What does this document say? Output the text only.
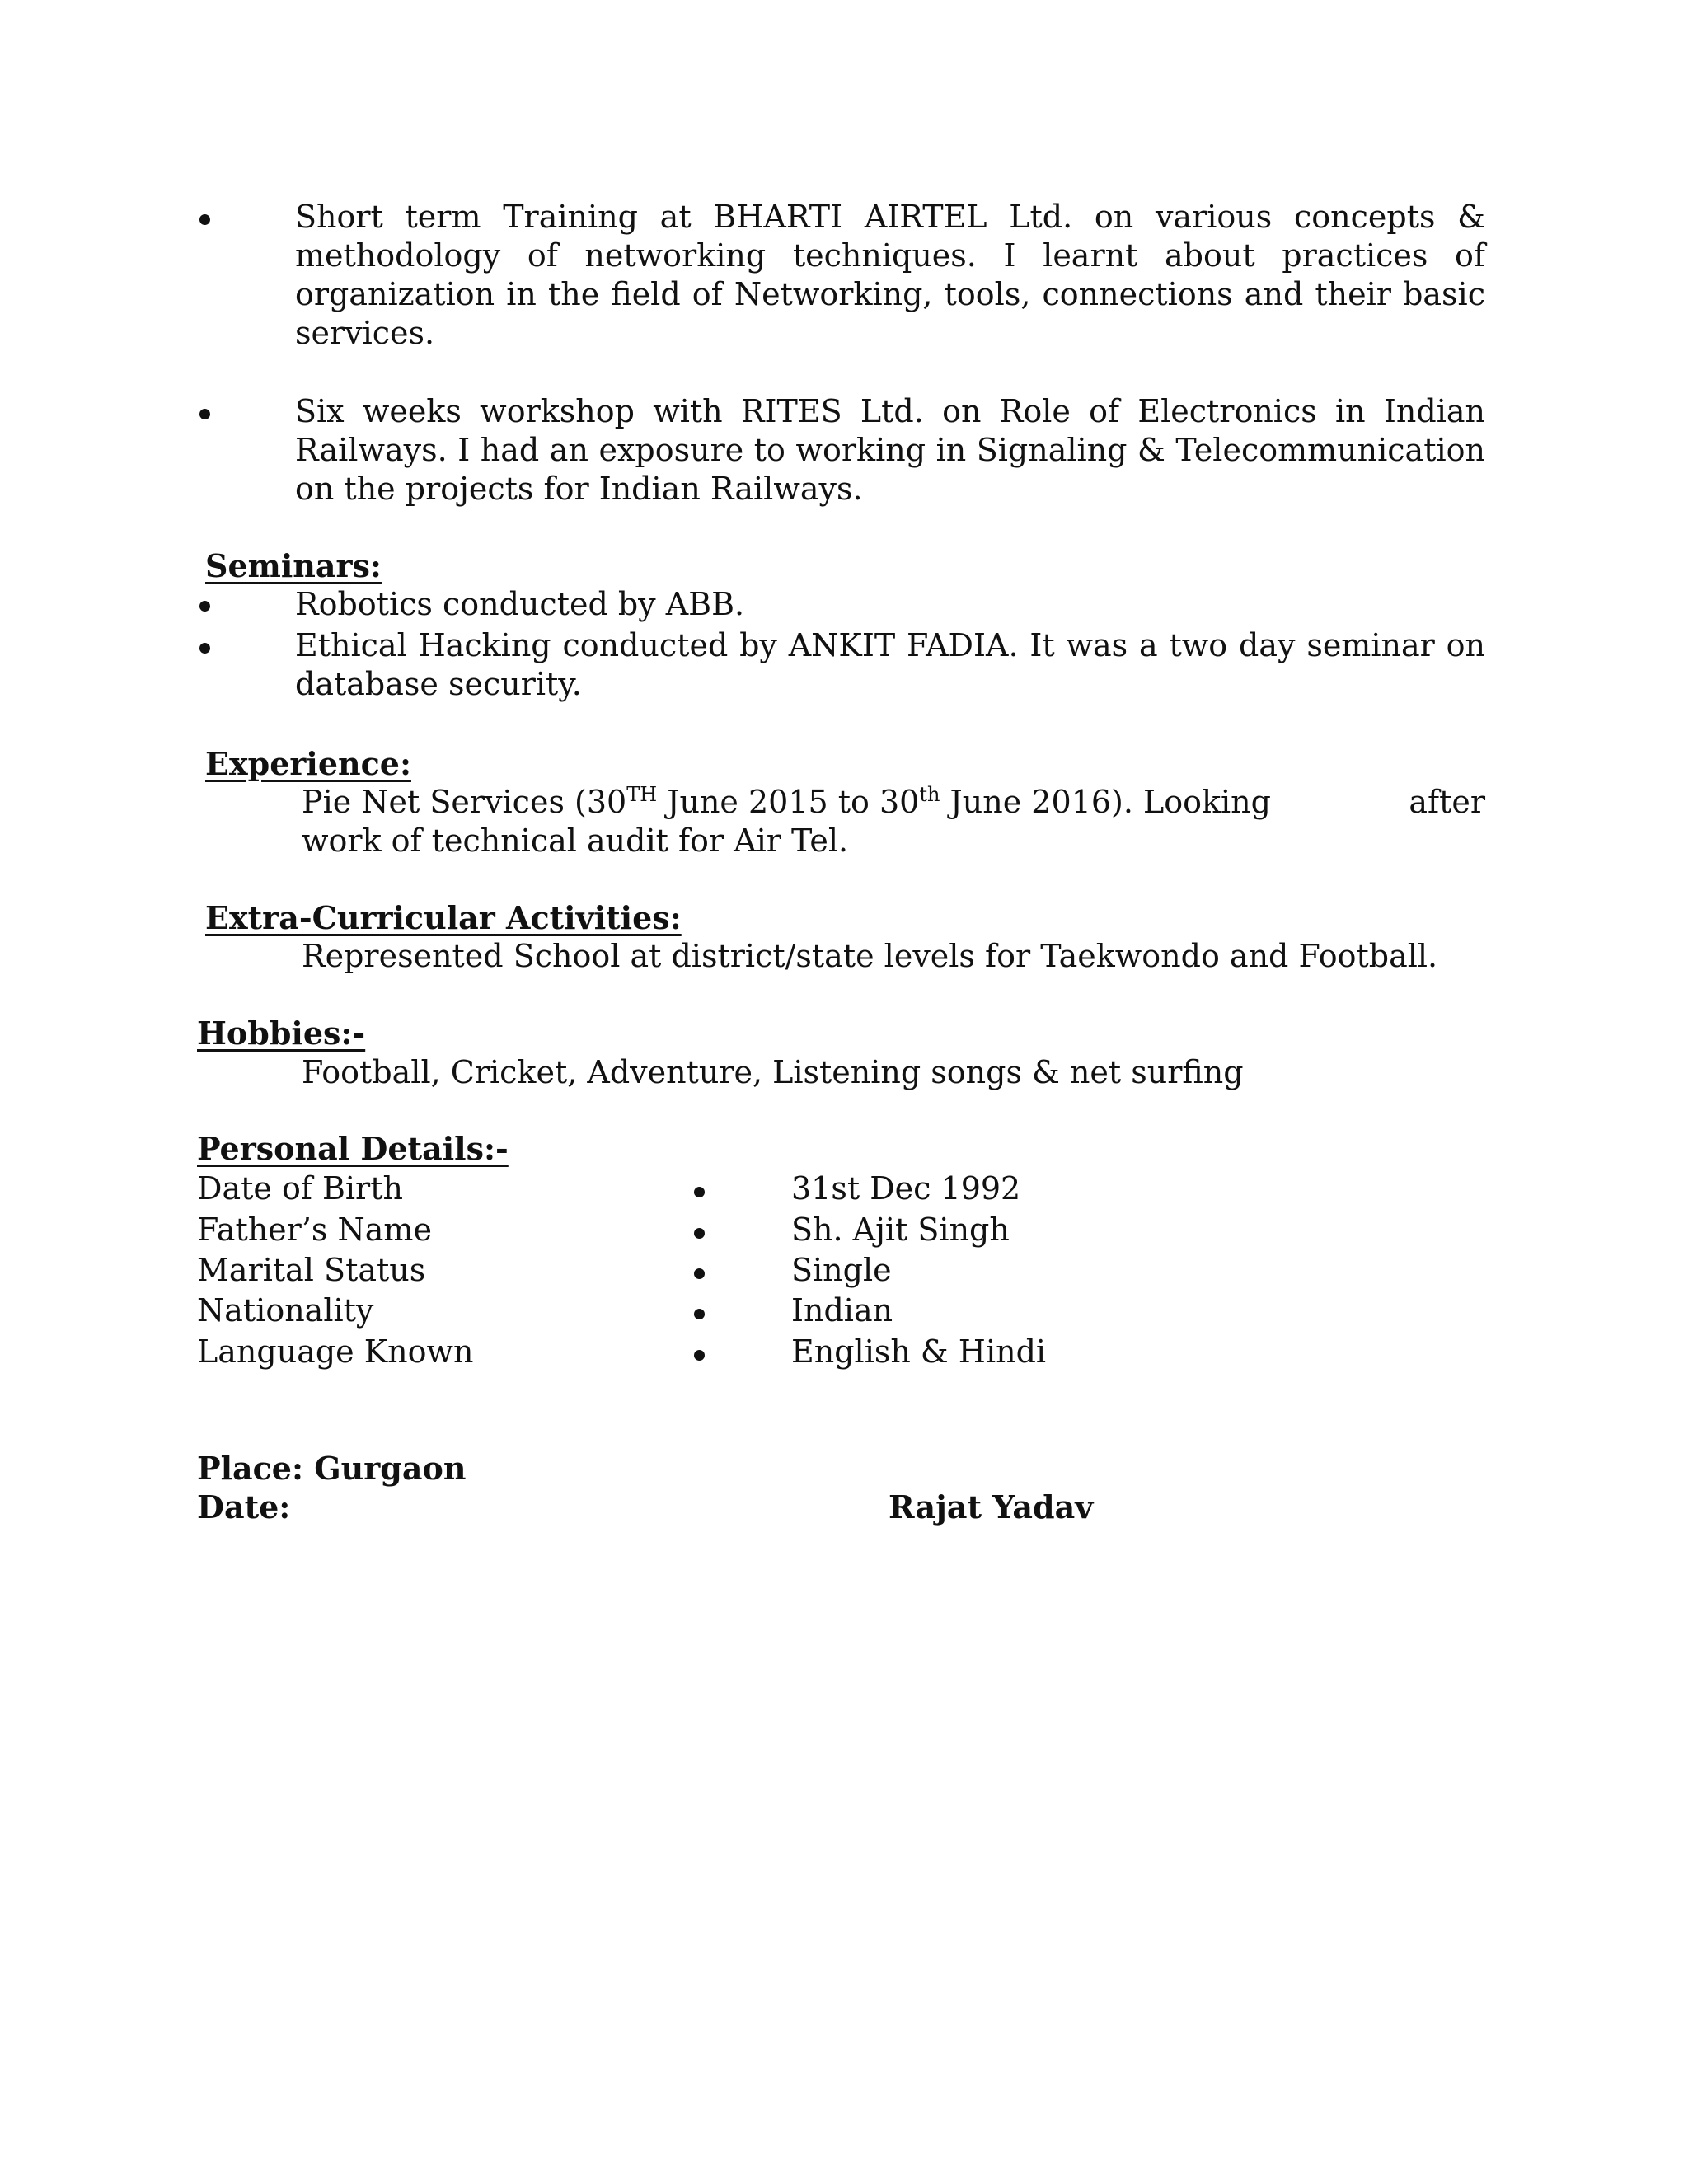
Short term Training at BHARTI AIRTEL Ltd. on various concepts &
methodology of networking techniques. I learnt about practices of
organization in the field of Networking, tools, connections and their basic
services.
Six weeks workshop with RITES Ltd. on Role of Electronics in Indian
Railways. I had an exposure to working in Signaling & Telecommunication
on the projects for Indian Railways.
Seminars:
Robotics conducted by ABB.
Ethical Hacking conducted by ANKIT FADIA. It was a two day seminar on
database security.
Experience:
Pie Net Services (30TH June 2015 to 30th June 2016). Looking	after
work of technical audit for Air Tel.
Extra-Curricular Activities:
Represented School at district/state levels for Taekwondo and Football.
Hobbies:-
Football, Cricket, Adventure, Listening songs & net surfing
Personal Details:-
Date of Birth	31st Dec 1992
Father’s Name	Sh. Ajit Singh
Marital Status	Single
Nationality	Indian
Language Known	English & Hindi
Place: Gurgaon
Date:	Rajat Yadav
